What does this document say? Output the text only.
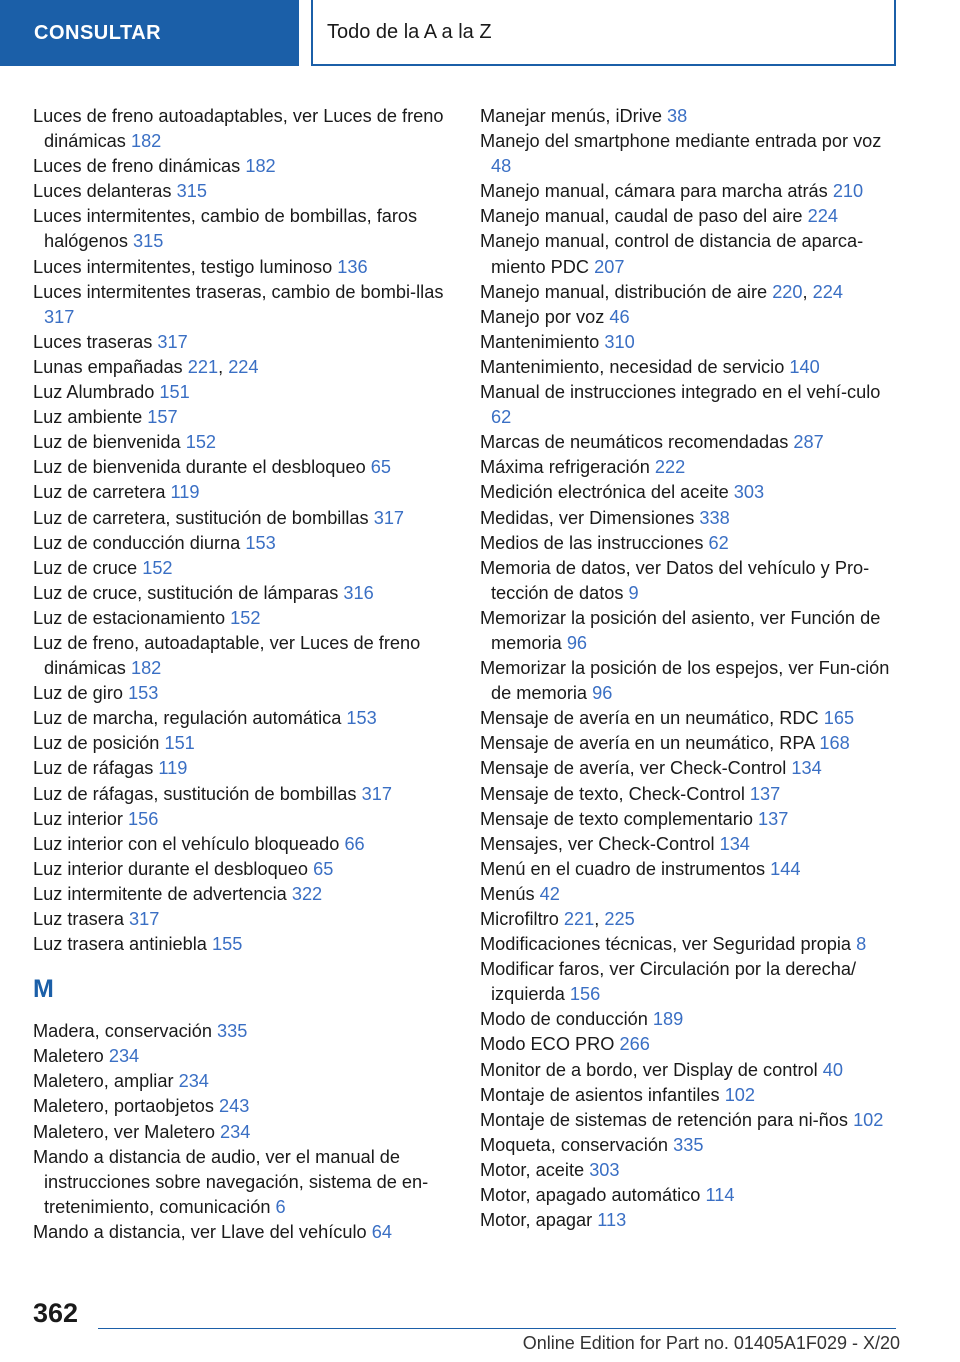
CONSULTAR	Todo de la A a la Z

Luces de freno autoadaptables, ver Luces de freno dinámicas 182

Luces de freno dinámicas 182

Luces delanteras 315

Luces intermitentes, cambio de bombillas, faros halógenos 315

Luces intermitentes, testigo luminoso 136

Luces intermitentes traseras, cambio de bombi-llas 317

Luces traseras 317

Lunas empañadas 221, 224

Luz Alumbrado 151

Luz ambiente 157

Luz de bienvenida 152

Luz de bienvenida durante el desbloqueo 65

Luz de carretera 119

Luz de carretera, sustitución de bombillas 317

Luz de conducción diurna 153

Luz de cruce 152

Luz de cruce, sustitución de lámparas 316

Luz de estacionamiento 152

Luz de freno, autoadaptable, ver Luces de freno dinámicas 182

Luz de giro 153

Luz de marcha, regulación automática 153

Luz de posición 151

Luz de ráfagas 119

Luz de ráfagas, sustitución de bombillas 317

Luz interior 156

Luz interior con el vehículo bloqueado 66

Luz interior durante el desbloqueo 65

Luz intermitente de advertencia 322

Luz trasera 317

Luz trasera antiniebla 155

M

Madera, conservación 335

Maletero 234

Maletero, ampliar 234

Maletero, portaobjetos 243

Maletero, ver Maletero 234

Mando a distancia de audio, ver el manual de instrucciones sobre navegación, sistema de en-tretenimiento, comunicación 6

Mando a distancia, ver Llave del vehículo 64

Manejar menús, iDrive 38

Manejo del smartphone mediante entrada por voz 48

Manejo manual, cámara para marcha atrás 210

Manejo manual, caudal de paso del aire 224

Manejo manual, control de distancia de aparca-miento PDC 207

Manejo manual, distribución de aire 220, 224

Manejo por voz 46

Mantenimiento 310

Mantenimiento, necesidad de servicio 140

Manual de instrucciones integrado en el vehí-culo 62

Marcas de neumáticos recomendadas 287

Máxima refrigeración 222

Medición electrónica del aceite 303

Medidas, ver Dimensiones 338

Medios de las instrucciones 62

Memoria de datos, ver Datos del vehículo y Pro-tección de datos 9

Memorizar la posición del asiento, ver Función de memoria 96

Memorizar la posición de los espejos, ver Fun-ción de memoria 96

Mensaje de avería en un neumático, RDC 165

Mensaje de avería en un neumático, RPA 168

Mensaje de avería, ver Check-Control 134

Mensaje de texto, Check-Control 137

Mensaje de texto complementario 137

Mensajes, ver Check-Control 134

Menú en el cuadro de instrumentos 144

Menús 42

Microfiltro 221, 225

Modificaciones técnicas, ver Seguridad propia 8

Modificar faros, ver Circulación por la derecha/ izquierda 156

Modo de conducción 189

Modo ECO PRO 266

Monitor de a bordo, ver Display de control 40

Montaje de asientos infantiles 102

Montaje de sistemas de retención para ni-ños 102

Moqueta, conservación 335

Motor, aceite 303

Motor, apagado automático 114

Motor, apagar 113

362
Online Edition for Part no. 01405A1F029 - X/20
